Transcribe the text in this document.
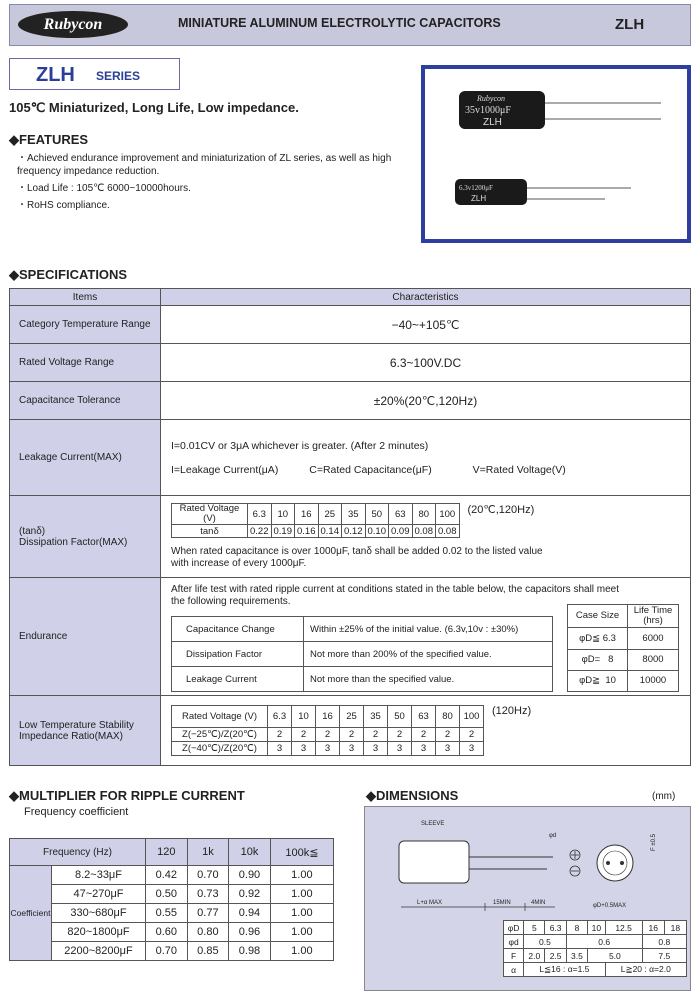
Rubycon	MINIATURE ALUMINUM ELECTROLYTIC CAPACITORS	ZLH
ZLH SERIES
105℃ Miniaturized, Long Life, Low impedance.
◆FEATURES
・Achieved endurance improvement and miniaturization of ZL series, as well as high frequency impedance reduction.
・Load Life : 105℃ 6000~10000hours.
・RoHS compliance.
Rubycon
35v1000μF
ZLH
6.3v1200μF
ZLH
◆SPECIFICATIONS
Items	Characteristics
Category Temperature Range	−40~+105℃
Rated Voltage Range	6.3~100V.DC
Capacitance Tolerance	±20%(20℃,120Hz)
Leakage Current(MAX)	
I=0.01CV or 3μA whichever is greater. (After 2 minutes)
I=Leakage Current(μA)	C=Rated Capacitance(μF)	V=Rated Voltage(V)

(tanδ)
Dissipation Factor(MAX)

Rated Voltage (V)	6.3	10	16	25	35	50	63	80	100
tanδ	0.22	0.19	0.16	0.14	0.12	0.10	0.09	0.08	0.08
(20℃,120Hz)
When rated capacitance is over 1000μF, tanδ shall be added 0.02 to the listed value
with increase of every 1000μF.

Endurance	
After life test with rated ripple current at conditions stated in the table below, the capacitors shall meet
the following requirements.
Capacitance Change	Within ±25% of the initial value. (6.3v,10v : ±30%)
Dissipation Factor	Not more than 200% of the specified value.
Leakage Current	Not more than the specified value.
Case Size	Life Time (hrs)
φD≦ 6.3	6000
φD=   8	8000
φD≧  10	10000

Low Temperature Stability
Impedance Ratio(MAX)

Rated Voltage (V)	6.3	10	16	25	35	50	63	80	100
Z(−25℃)/Z(20℃)	2	2	2	2	2	2	2	2	2
Z(−40℃)/Z(20℃)	3	3	3	3	3	3	3	3	3
(120Hz)
◆MULTIPLIER FOR RIPPLE CURRENT
Frequency coefficient
Frequency (Hz)		120	1k	10k	100k≦
Coefficient	8.2~33μF	0.42	0.70	0.90	1.00
	47~270μF	0.50	0.73	0.92	1.00
	330~680μF	0.55	0.77	0.94	1.00
	820~1800μF	0.60	0.80	0.96	1.00
	2200~8200μF	0.70	0.85	0.98	1.00
◆DIMENSIONS	(mm)
L+α MAX	15MIN	4MIN
SLEEVE
φd
φD+0.5MAX
F ±0.5
φD	5	6.3	8	10	12.5	16	18
φd	0.5		0.6			0.8	
F	2.0	2.5	3.5	5.0		7.5	
α	L≦16 : α=1.5				L≧20 : α=2.0		
